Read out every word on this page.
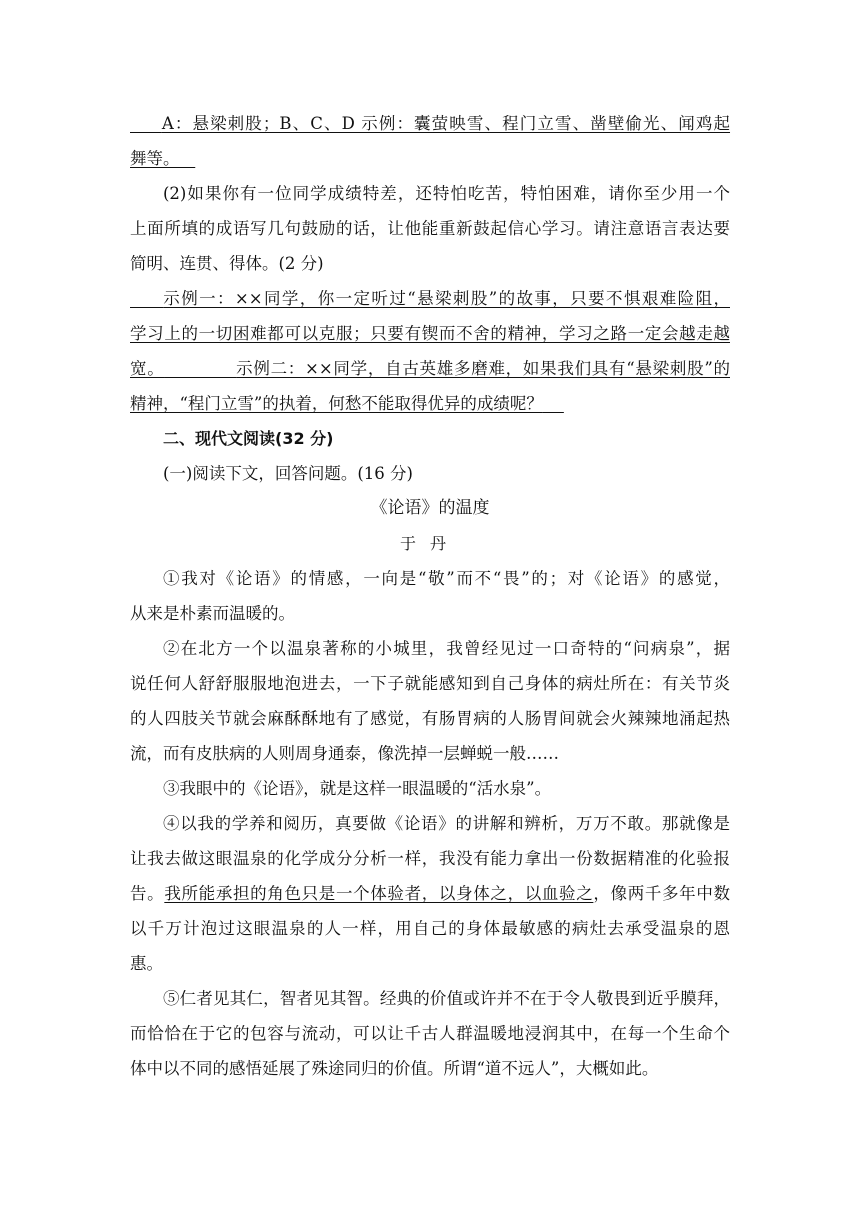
A：悬梁刺股；B、C、D 示例：囊萤映雪、程门立雪、凿壁偷光、闻鸡起
舞等。
(2)如果你有一位同学成绩特差，还特怕吃苦，特怕困难，请你至少用一个
上面所填的成语写几句鼓励的话，让他能重新鼓起信心学习。请注意语言表达要
简明、连贯、得体。(2 分)
示例一：××同学，你一定听过“悬梁刺股”的故事，只要不惧艰难险阻，
学习上的一切困难都可以克服；只要有锲而不舍的精神，学习之路一定会越走越
宽。	示例二：××同学，自古英雄多磨难，如果我们具有“悬梁刺股”的
精神，“程门立雪”的执着，何愁不能取得优异的成绩呢？
二、现代文阅读(32 分)
(一)阅读下文，回答问题。(16 分)
《论语》的温度
于丹
①我对《论语》的情感，一向是“敬”而不“畏”的；对《论语》的感觉，
从来是朴素而温暖的。
②在北方一个以温泉著称的小城里，我曾经见过一口奇特的“问病泉”，据
说任何人舒舒服服地泡进去，一下子就能感知到自己身体的病灶所在：有关节炎
的人四肢关节就会麻酥酥地有了感觉，有肠胃病的人肠胃间就会火辣辣地涌起热
流，而有皮肤病的人则周身通泰，像洗掉一层蝉蜕一般……
③我眼中的《论语》，就是这样一眼温暖的“活水泉”。
④以我的学养和阅历，真要做《论语》的讲解和辨析，万万不敢。那就像是
让我去做这眼温泉的化学成分分析一样，我没有能力拿出一份数据精准的化验报
告。我所能承担的角色只是一个体验者，以身体之，以血验之，像两千多年中数
以千万计泡过这眼温泉的人一样，用自己的身体最敏感的病灶去承受温泉的恩
惠。
⑤仁者见其仁，智者见其智。经典的价值或许并不在于令人敬畏到近乎膜拜，
而恰恰在于它的包容与流动，可以让千古人群温暖地浸润其中，在每一个生命个
体中以不同的感悟延展了殊途同归的价值。所谓“道不远人”，大概如此。
